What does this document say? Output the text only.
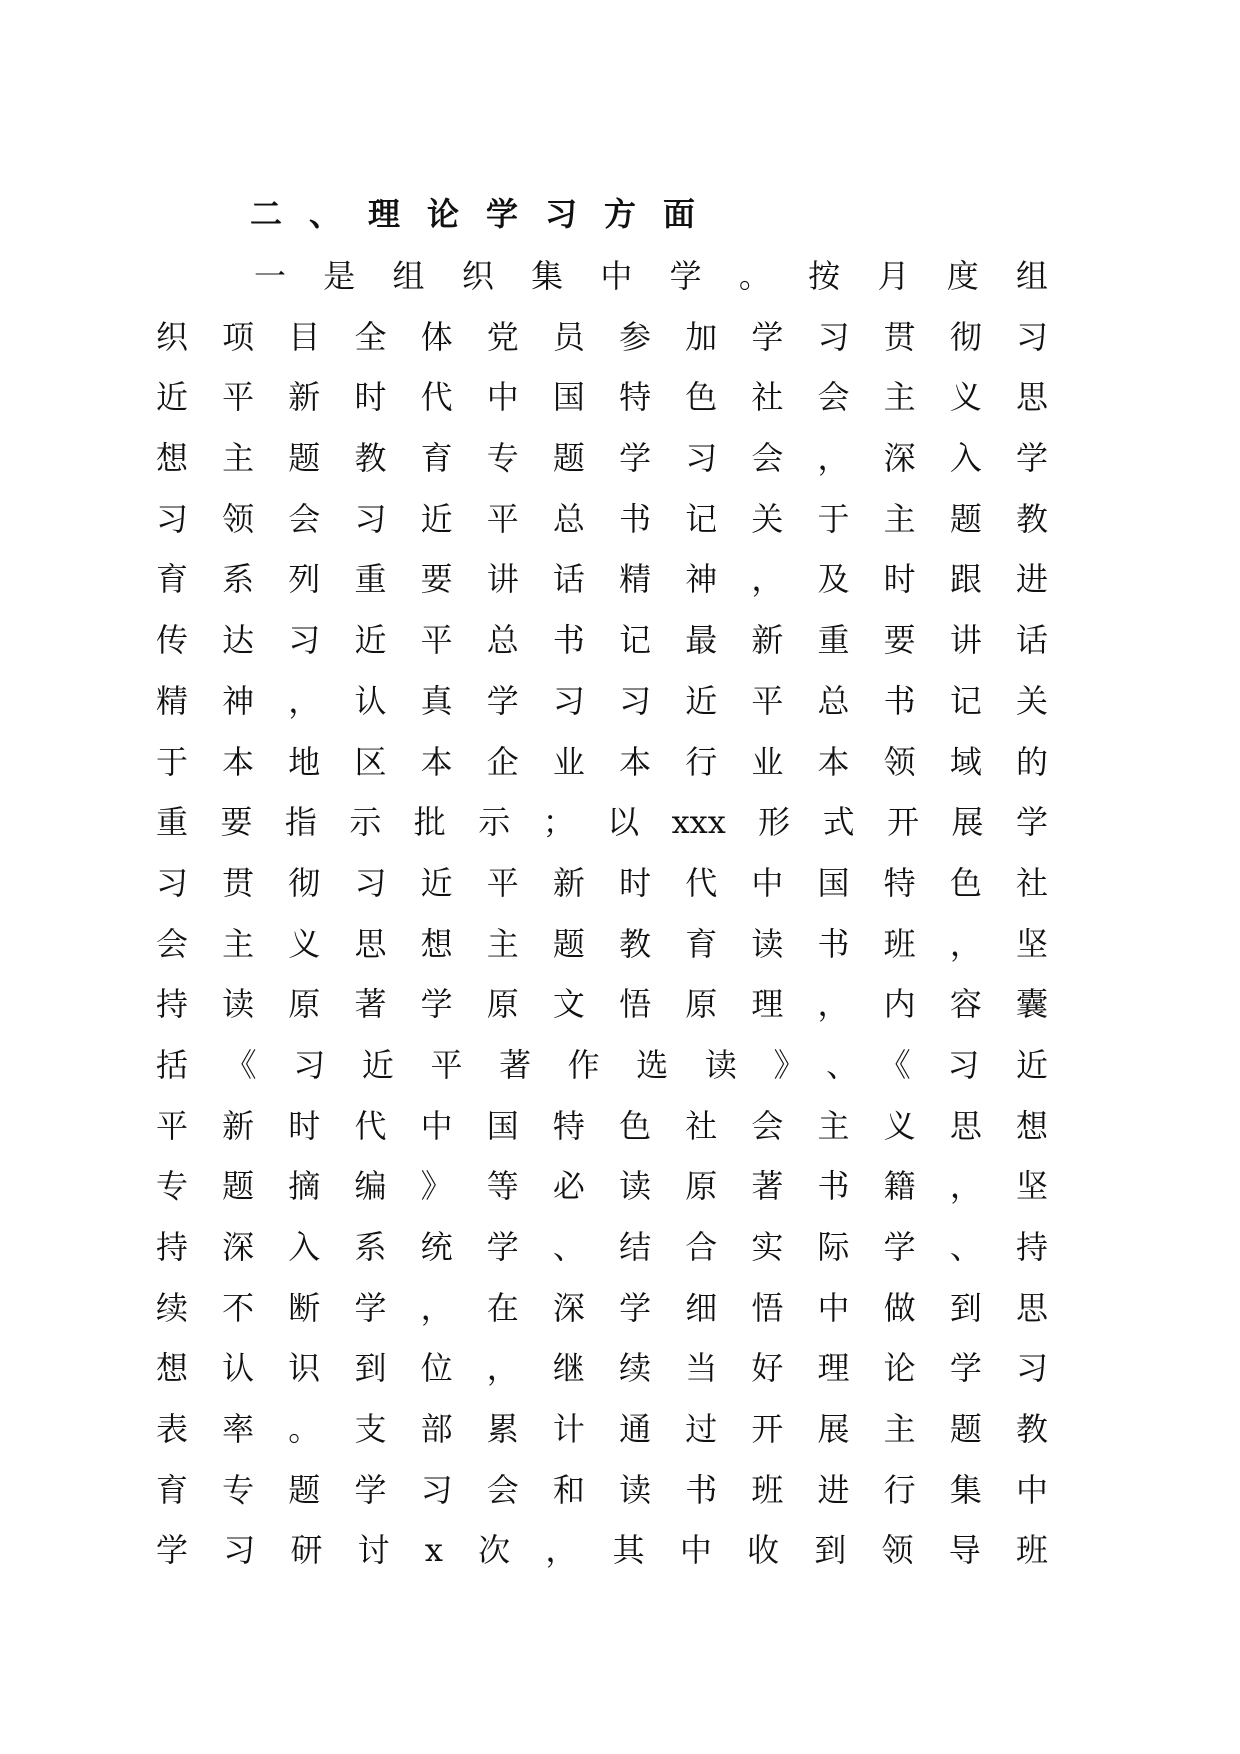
二、理论学习方面
一是组织集中学。按月度组
织项目全体党员参加学习贯彻习
近平新时代中国特色社会主义思
想主题教育专题学习会，深入学
习领会习近平总书记关于主题教
育系列重要讲话精神，及时跟进
传达习近平总书记最新重要讲话
精神，认真学习习近平总书记关
于本地区本企业本行业本领域的
重要指示批示；以xxx形式开展学
习贯彻习近平新时代中国特色社
会主义思想主题教育读书班，坚
持读原著学原文悟原理，内容囊
括《习近平著作选读》、《习近
平新时代中国特色社会主义思想
专题摘编》等必读原著书籍，坚
持深入系统学、结合实际学、持
续不断学，在深学细悟中做到思
想认识到位，继续当好理论学习
表率。支部累计通过开展主题教
育专题学习会和读书班进行集中
学习研讨x次，其中收到领导班
